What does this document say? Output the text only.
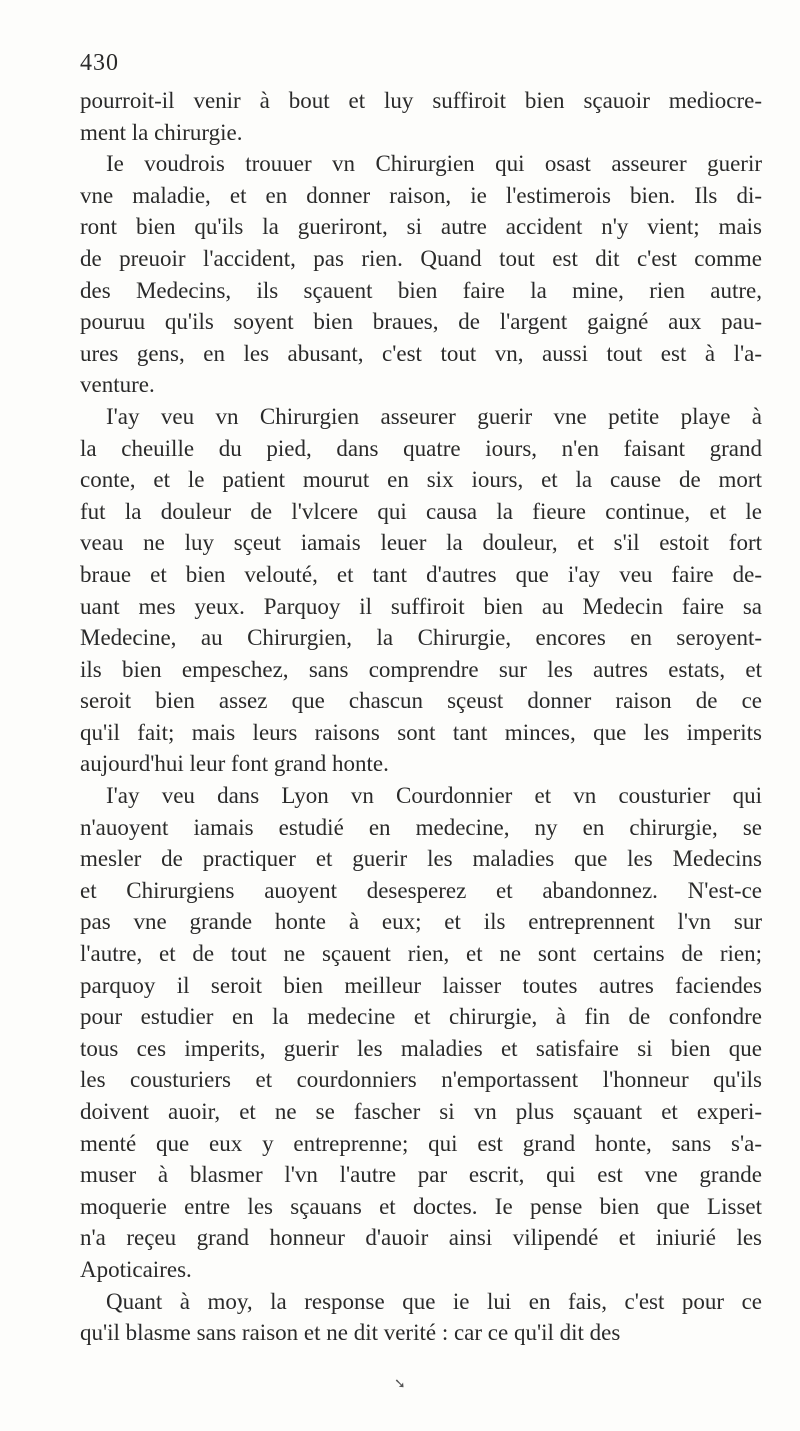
430
pourroit-il venir à bout et luy suffiroit bien sçauoir mediocre-
ment la chirurgie.
Ie voudrois trouuer vn Chirurgien qui osast asseurer guerir
vne maladie, et en donner raison, ie l'estimerois bien. Ils di-
ront bien qu'ils la gueriront, si autre accident n'y vient; mais
de preuoir l'accident, pas rien. Quand tout est dit c'est comme
des Medecins, ils sçauent bien faire la mine, rien autre,
pouruu qu'ils soyent bien braues, de l'argent gaigné aux pau-
ures gens, en les abusant, c'est tout vn, aussi tout est à l'a-
venture.
I'ay veu vn Chirurgien asseurer guerir vne petite playe à
la cheuille du pied, dans quatre iours, n'en faisant grand
conte, et le patient mourut en six iours, et la cause de mort
fut la douleur de l'vlcere qui causa la fieure continue, et le
veau ne luy sçeut iamais leuer la douleur, et s'il estoit fort
braue et bien velouté, et tant d'autres que i'ay veu faire de-
uant mes yeux. Parquoy il suffiroit bien au Medecin faire sa
Medecine, au Chirurgien, la Chirurgie, encores en seroyent-
ils bien empeschez, sans comprendre sur les autres estats, et
seroit bien assez que chascun sçeust donner raison de ce
qu'il fait; mais leurs raisons sont tant minces, que les imperits
aujourd'hui leur font grand honte.
I'ay veu dans Lyon vn Courdonnier et vn cousturier qui
n'auoyent iamais estudié en medecine, ny en chirurgie, se
mesler de practiquer et guerir les maladies que les Medecins
et Chirurgiens auoyent desesperez et abandonnez. N'est-ce
pas vne grande honte à eux; et ils entreprennent l'vn sur
l'autre, et de tout ne sçauent rien, et ne sont certains de rien;
parquoy il seroit bien meilleur laisser toutes autres faciendes
pour estudier en la medecine et chirurgie, à fin de confondre
tous ces imperits, guerir les maladies et satisfaire si bien que
les cousturiers et courdonniers n'emportassent l'honneur qu'ils
doivent auoir, et ne se fascher si vn plus sçauant et experi-
menté que eux y entreprenne; qui est grand honte, sans s'a-
muser à blasmer l'vn l'autre par escrit, qui est vne grande
moquerie entre les sçauans et doctes. Ie pense bien que Lisset
n'a reçeu grand honneur d'auoir ainsi vilipendé et iniurié les
Apoticaires.
Quant à moy, la response que ie lui en fais, c'est pour ce
qu'il blasme sans raison et ne dit verité : car ce qu'il dit des
➘
